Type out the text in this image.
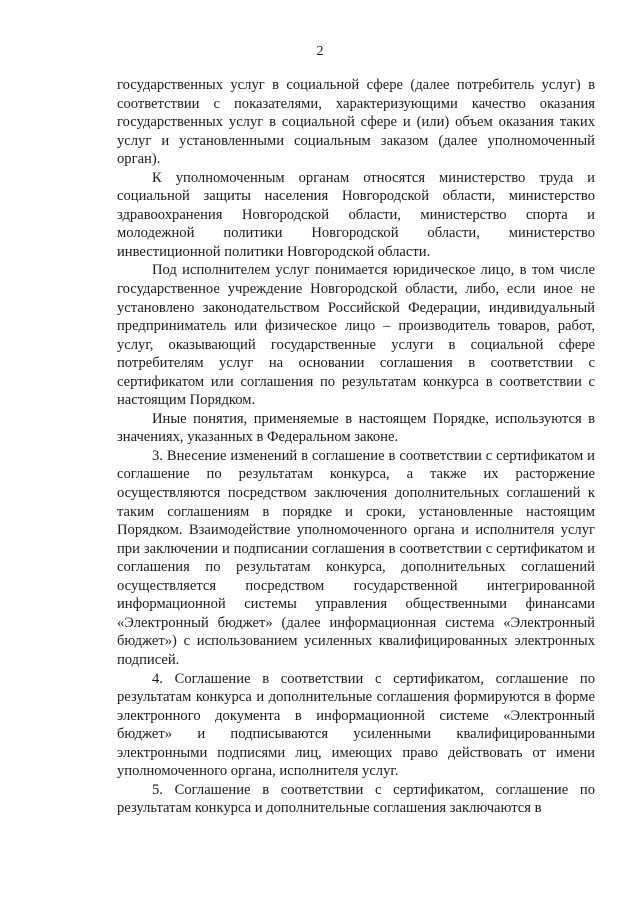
2

государственных услуг в социальной сфере (далее потребитель услуг) в соответствии с показателями, характеризующими качество оказания государственных услуг в социальной сфере и (или) объем оказания таких услуг и установленными социальным заказом (далее уполномоченный орган).

К уполномоченным органам относятся министерство труда и социальной защиты населения Новгородской области, министерство здравоохранения Новгородской области, министерство спорта и молодежной политики Новгородской области, министерство инвестиционной политики Новгородской области.

Под исполнителем услуг понимается юридическое лицо, в том числе государственное учреждение Новгородской области, либо, если иное не установлено законодательством Российской Федерации, индивидуальный предприниматель или физическое лицо – производитель товаров, работ, услуг, оказывающий государственные услуги в социальной сфере потребителям услуг на основании соглашения в соответствии с сертификатом или соглашения по результатам конкурса в соответствии с настоящим Порядком.

Иные понятия, применяемые в настоящем Порядке, используются в значениях, указанных в Федеральном законе.

3. Внесение изменений в соглашение в соответствии с сертификатом и соглашение по результатам конкурса, а также их расторжение осуществляются посредством заключения дополнительных соглашений к таким соглашениям в порядке и сроки, установленные настоящим Порядком. Взаимодействие уполномоченного органа и исполнителя услуг при заключении и подписании соглашения в соответствии с сертификатом и соглашения по результатам конкурса, дополнительных соглашений осуществляется посредством государственной интегрированной информационной системы управления общественными финансами «Электронный бюджет» (далее информационная система «Электронный бюджет») с использованием усиленных квалифицированных электронных подписей.

4. Соглашение в соответствии с сертификатом, соглашение по результатам конкурса и дополнительные соглашения формируются в форме электронного документа в информационной системе «Электронный бюджет» и подписываются усиленными квалифицированными электронными подписями лиц, имеющих право действовать от имени уполномоченного органа, исполнителя услуг.

5. Соглашение в соответствии с сертификатом, соглашение по результатам конкурса и дополнительные соглашения заключаются в
